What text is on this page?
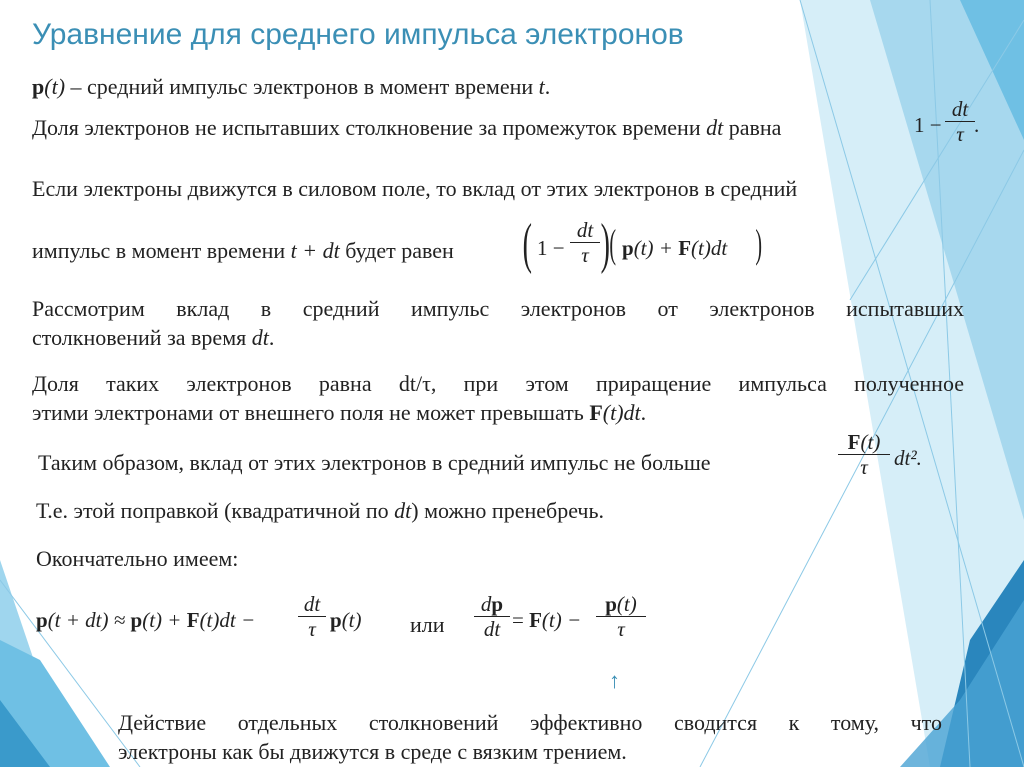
Уравнение для среднего импульса электронов
p(t) – средний импульс электронов в момент времени t.
Доля электронов не испытавших столкновение за промежуток времени dt равна	$1 - \frac{dt}{\tau}$ .
Если электроны движутся в силовом поле, то вклад от этих электронов в средний
импульс в момент времени t + dt будет равен ( $1 - \frac{dt}{\tau}$ ) ( p(t) + F(t)dt )
Рассмотрим вклад в средний импульс электронов от электронов испытавших
столкновений за время dt.
Доля таких электронов равна dt/τ, при этом приращение импульса полученное
этими электронами от внешнего поля не может превышать F(t)dt.
Таким образом, вклад от этих электронов в средний импульс не больше	$\frac{F(t)}{\tau} dt^2$.
Т.е. этой поправкой (квадратичной по dt) можно пренебречь.
Окончательно имеем:
$p(t + dt) \approx p(t) + F(t)dt - \frac{dt}{\tau} p(t)$ или $\frac{dp}{dt} = F(t) - \frac{p(t)}{\tau}$
↑
Действие отдельных столкновений эффективно сводится к тому, что
электроны как бы движутся в среде с вязким трением.
